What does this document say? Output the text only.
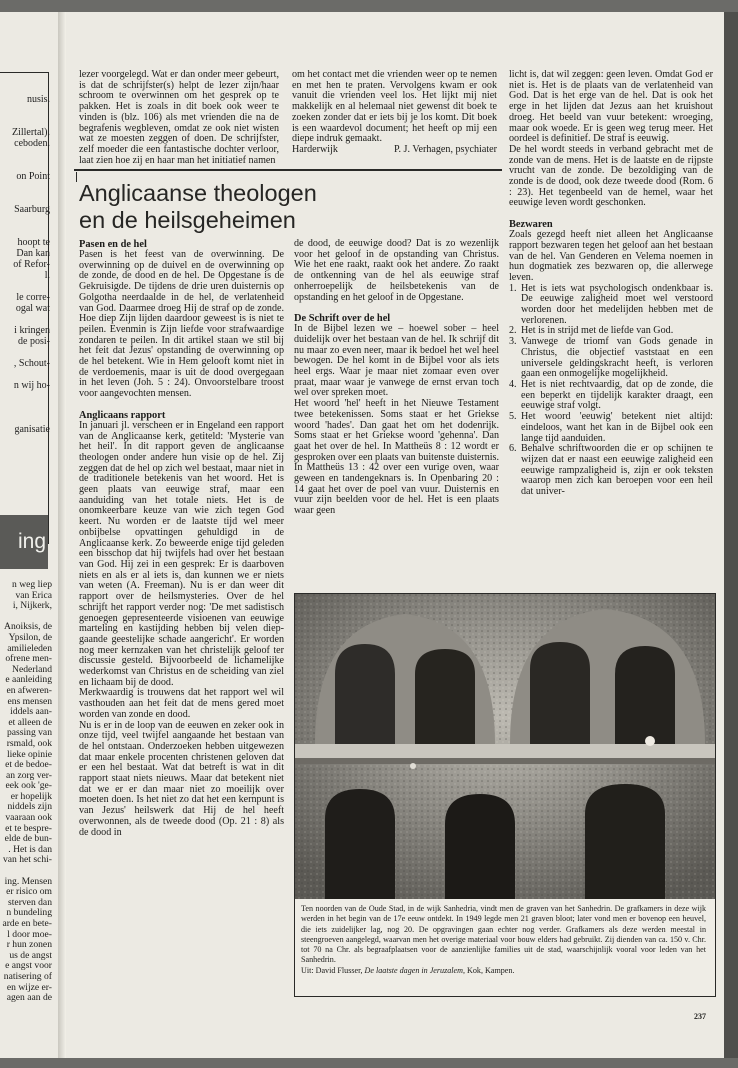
nusis.

Zillertal).
ceboden.

on Point

Saarburg

hoopt te
Dan kan
of Refor-
l.

le corre-
ogal wat

i kringen
de posi-

, Schout-

n wij ho-

ganisatie
ing
n weg liep
van Erica
i, Nijkerk,

Anoiksis, de
Ypsilon, de
amilieleden
ofrene men-
Nederland
e aanleiding
en afweren-
ens mensen
iddels aan-
et alleen de
passing van
rsmald, ook
lieke opinie
et de bedoe-
an zorg ver-
eek ook 'ge-
er hopelijk
niddels zijn
vaaraan ook
et te bespre-
elde de bun-
. Het is dan
van het schi-

ing. Mensen
er risico om
sterven dan
n bundeling
arde en bete-
l door moe-
r hun zonen
us de angst
e angst voor
natisering of
en wijze er-
agen aan de

lezer voorgelegd. Wat er dan onder meer gebeurt, is dat de schrijfster(s) helpt de lezer zijn/haar schroom te overwinnen om het gesprek op te pakken. Het is zoals in dit boek ook weer te vinden is (blz. 106) als met vrienden die na de begrafenis wegbleven, omdat ze ook niet wisten wat ze moesten zeggen of doen. De schrijfster, zelf moeder die een fantastische dochter verloor, laat zien hoe zij en haar man het initiatief namen

om het contact met die vrienden weer op te nemen en met hen te praten. Vervolgens kwam er ook vanuit die vrienden veel los. Het lijkt mij niet makkelijk en al helemaal niet gewenst dit boek te zoeken zonder dat er iets bij je los komt. Dit boek is een waardevol document; het heeft op mij een diepe indruk gemaakt.

Harderwijk	P. J. Verhagen, psychiater
Anglicaanse theologen
en de heilsgeheimen

Pasen en de hel

Pasen is het feest van de overwinning. De overwinning op de duivel en de overwinning op de zonde, de dood en de hel. De Opgestane is de Gekruisigde. De tijdens de drie uren duisternis op Golgotha neerdaalde in de hel, de verlatenheid van God. Daarmee droeg Hij de straf op de zonde. Hoe diep Zijn lijden daardoor geweest is is niet te peilen. Evenmin is Zijn liefde voor strafwaardige zondaren te peilen. In dit artikel staan we stil bij het feit dat Jezus' opstanding de overwinning op de hel betekent. Wie in Hem gelooft komt niet in de verdoemenis, maar is uit de dood overgegaan in het leven (Joh. 5 : 24). Onvoorstelbare troost voor aangevochten mensen.

Anglicaans rapport

In januari jl. verscheen er in Engeland een rapport van de Anglicaanse kerk, getiteld: 'Mysterie van het heil'. In dit rapport geven de anglicaanse theologen onder andere hun visie op de hel. Zij zeggen dat de hel op zich wel bestaat, maar niet in de traditionele betekenis van het woord. Het is geen plaats van eeuwige straf, maar een aanduiding van het totale niets. Het is de onomkeerbare keuze van wie zich tegen God keert. Nu worden er de laatste tijd wel meer onbijbelse opvattingen gehuldigd in de Anglicaanse kerk. Zo beweerde enige tijd geleden een bisschop dat hij twijfels had over het bestaan van God. Hij zei in een gesprek: Er is daarboven niets en als er al iets is, dan kunnen we er niets van weten (A. Freeman). Nu is er dan weer dit rapport over de heilsmysteries. Over de hel schrijft het rapport verder nog: 'De met sadistisch genoegen gepresenteerde visioenen van eeuwige marteling en kastijding hebben bij velen diepgaande geestelijke schade aangericht'. Er worden nog meer kernzaken van het christelijk geloof ter discussie gesteld. Bijvoorbeeld de lichamelijke wederkomst van Christus en de scheiding van ziel en lichaam bij de dood.

Merkwaardig is trouwens dat het rapport wel wil vasthouden aan het feit dat de mens gered moet worden van zonde en dood.

Nu is er in de loop van de eeuwen en zeker ook in onze tijd, veel twijfel aangaande het bestaan van de hel ontstaan. Onderzoeken hebben uitgewezen dat maar enkele procenten christenen geloven dat er een hel bestaat. Wat dat betreft is wat in dit rapport staat niets nieuws. Maar dat betekent niet dat we er er dan maar niet zo moeilijk over moeten doen. Is het niet zo dat het een kernpunt is van Jezus' heilswerk dat Hij de hel heeft overwonnen, als de tweede dood (Op. 21 : 8) als de dood in

de dood, de eeuwige dood? Dat is zo wezenlijk voor het geloof in de opstanding van Christus. Wie het ene raakt, raakt ook het andere. Zo raakt de ontkenning van de hel als eeuwige straf onherroepelijk de heilsbetekenis van de opstanding en het geloof in de Opgestane.

De Schrift over de hel

In de Bijbel lezen we – hoewel sober – heel duidelijk over het bestaan van de hel. Ik schrijf dit nu maar zo even neer, maar ik bedoel het wel heel bewogen. De hel komt in de Bijbel voor als iets heel ergs. Waar je maar niet zomaar even over praat, maar waar je vanwege de ernst ervan toch wel over spreken moet.

Het woord 'hel' heeft in het Nieuwe Testament twee betekenissen. Soms staat er het Griekse woord 'hades'. Dan gaat het om het dodenrijk. Soms staat er het Griekse woord 'gehenna'. Dan gaat het over de hel. In Mattheüs 8 : 12 wordt er gesproken over een plaats van buitenste duisternis. In Mattheüs 13 : 42 over een vurige oven, waar geween en tandengeknars is. In Openbaring 20 : 14 gaat het over de poel van vuur. Duisternis en vuur zijn beelden voor de hel. Het is een plaats waar geen

licht is, dat wil zeggen: geen leven. Omdat God er niet is. Het is de plaats van de verlatenheid van God. Dat is het erge van de hel. Dat is ook het erge in het lijden dat Jezus aan het kruishout droeg. Het beeld van vuur betekent: wroeging, maar ook woede. Er is geen weg terug meer. Het oordeel is definitief. De straf is eeuwig.

De hel wordt steeds in verband gebracht met de zonde van de mens. Het is de laatste en de rijpste vrucht van de zonde. De bezoldiging van de zonde is de dood, ook deze tweede dood (Rom. 6 : 23). Het tegenbeeld van de hemel, waar het eeuwige leven wordt geschonken.

Bezwaren

Zoals gezegd heeft niet alleen het Anglicaanse rapport bezwaren tegen het geloof aan het bestaan van de hel. Van Genderen en Velema noemen in hun dogmatiek zes bezwaren op, die allerwege leven.

1. Het is iets wat psychologisch ondenkbaar is. De eeuwige zaligheid moet wel verstoord worden door het medelijden hebben met de verlorenen.
2. Het is in strijd met de liefde van God.
3. Vanwege de triomf van Gods genade in Christus, die objectief vaststaat en een universele geldingskracht heeft, is verloren gaan een onmogelijke mogelijkheid.
4. Het is niet rechtvaardig, dat op de zonde, die een beperkt en tijdelijk karakter draagt, een eeuwige straf volgt.
5. Het woord 'eeuwig' betekent niet altijd: eindeloos, want het kan in de Bijbel ook een lange tijd aanduiden.
6. Behalve schriftwoorden die er op schijnen te wijzen dat er naast een eeuwige zaligheid een eeuwige rampzaligheid is, zijn er ook teksten waarop men zich kan beroepen voor een heil dat univer-
Ten noorden van de Oude Stad, in de wijk Sanhedria, vindt men de graven van het Sanhedrin. De grafkamers in deze wijk werden in het begin van de 17e eeuw ontdekt. In 1949 legde men 21 graven bloot; later vond men er bovenop een heuvel, die iets zuidelijker lag, nog 20. De opgravingen gaan echter nog verder. Grafkamers als deze werden meestal in steengroeven aangelegd, waarvan men het overige materiaal voor bouw elders had gebruikt. Zij dienden van ca. 150 v. Chr. tot 70 na Chr. als begraafplaatsen voor de aanzienlijke families uit de stad, waarschijnlijk vooral voor leden van het Sanhedrin.
Uit: David Flusser, De laatste dagen in Jeruzalem, Kok, Kampen.
237
